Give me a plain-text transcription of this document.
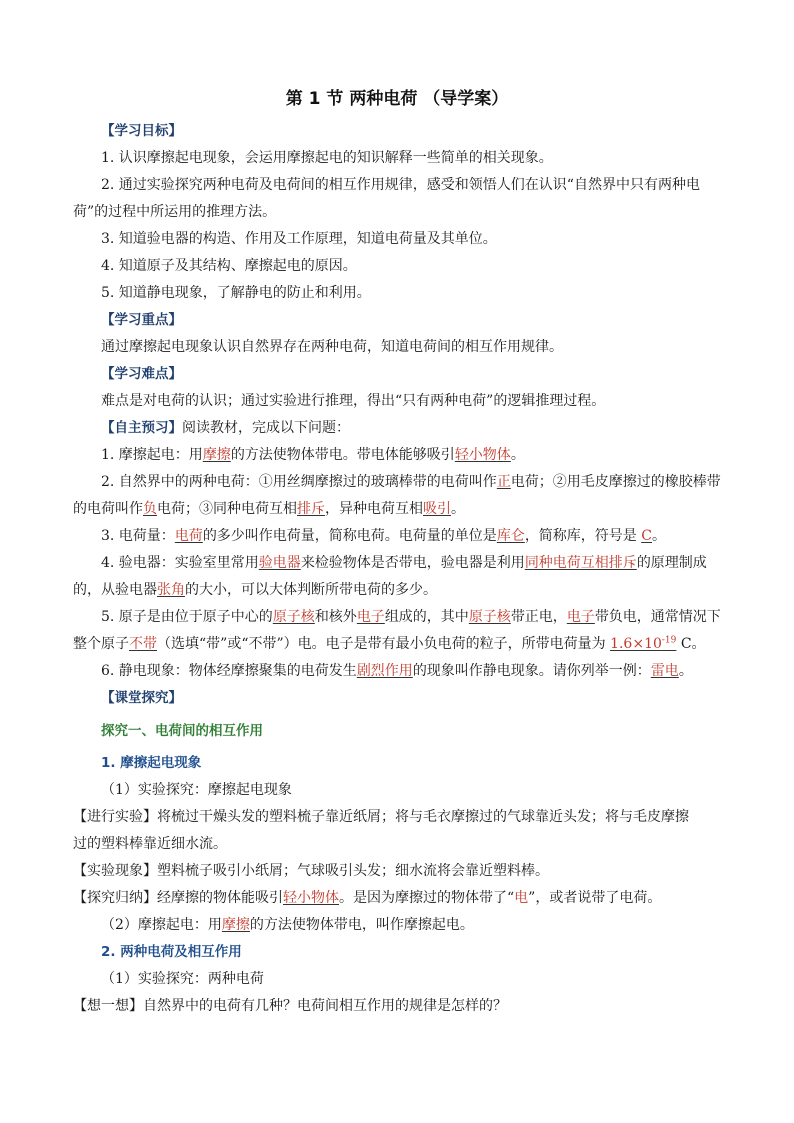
第 1 节 两种电荷 （导学案）
【学习目标】
1. 认识摩擦起电现象，会运用摩擦起电的知识解释一些简单的相关现象。
2. 通过实验探究两种电荷及电荷间的相互作用规律，感受和领悟人们在认识“自然界中只有两种电
荷”的过程中所运用的推理方法。
3. 知道验电器的构造、作用及工作原理，知道电荷量及其单位。
4. 知道原子及其结构、摩擦起电的原因。
5. 知道静电现象，了解静电的防止和利用。
【学习重点】
通过摩擦起电现象认识自然界存在两种电荷，知道电荷间的相互作用规律。
【学习难点】
难点是对电荷的认识；通过实验进行推理，得出“只有两种电荷”的逻辑推理过程。
【自主预习】阅读教材，完成以下问题：
1. 摩擦起电：用摩擦的方法使物体带电。带电体能够吸引轻小物体。
2. 自然界中的两种电荷：①用丝绸摩擦过的玻璃棒带的电荷叫作正电荷；②用毛皮摩擦过的橡胶棒带
的电荷叫作负电荷；③同种电荷互相排斥，异种电荷互相吸引。
3. 电荷量：电荷的多少叫作电荷量，简称电荷。电荷量的单位是库仑，简称库，符号是 C。
4. 验电器：实验室里常用验电器来检验物体是否带电，验电器是利用同种电荷互相排斥的原理制成
的，从验电器张角的大小，可以大体判断所带电荷的多少。
5. 原子是由位于原子中心的原子核和核外电子组成的，其中原子核带正电，电子带负电，通常情况下
整个原子不带（选填“带”或“不带”）电。电子是带有最小负电荷的粒子，所带电荷量为 $1.6\times 10^{-19}$ C。
6. 静电现象：物体经摩擦聚集的电荷发生剧烈作用的现象叫作静电现象。请你列举一例：雷电。
【课堂探究】
探究一、电荷间的相互作用
1. 摩擦起电现象
（1）实验探究：摩擦起电现象
【进行实验】将梳过干燥头发的塑料梳子靠近纸屑；将与毛衣摩擦过的气球靠近头发；将与毛皮摩擦
过的塑料棒靠近细水流。
【实验现象】塑料梳子吸引小纸屑；气球吸引头发；细水流将会靠近塑料棒。
【探究归纳】经摩擦的物体能吸引轻小物体。是因为摩擦过的物体带了“电”，或者说带了电荷。
（2）摩擦起电：用摩擦的方法使物体带电，叫作摩擦起电。
2. 两种电荷及相互作用
（1）实验探究：两种电荷
【想一想】自然界中的电荷有几种？电荷间相互作用的规律是怎样的？
